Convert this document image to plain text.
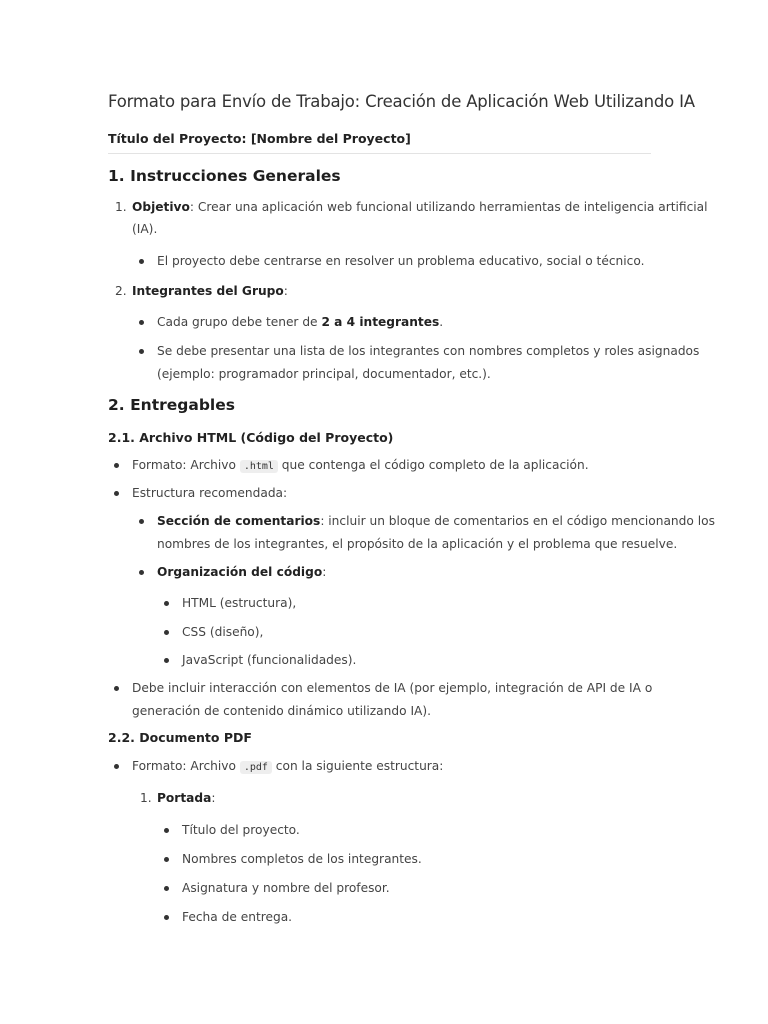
Formato para Envío de Trabajo: Creación de Aplicación Web Utilizando IA
Título del Proyecto: [Nombre del Proyecto]
1. Instrucciones Generales
1. Objetivo: Crear una aplicación web funcional utilizando herramientas de inteligencia artificial
(IA).
El proyecto debe centrarse en resolver un problema educativo, social o técnico.
2. Integrantes del Grupo:
Cada grupo debe tener de 2 a 4 integrantes.
Se debe presentar una lista de los integrantes con nombres completos y roles asignados
(ejemplo: programador principal, documentador, etc.).
2. Entregables
2.1. Archivo HTML (Código del Proyecto)
Formato: Archivo .html que contenga el código completo de la aplicación.
Estructura recomendada:
Sección de comentarios: incluir un bloque de comentarios en el código mencionando los
nombres de los integrantes, el propósito de la aplicación y el problema que resuelve.
Organización del código:
HTML (estructura),
CSS (diseño),
JavaScript (funcionalidades).
Debe incluir interacción con elementos de IA (por ejemplo, integración de API de IA o
generación de contenido dinámico utilizando IA).
2.2. Documento PDF
Formato: Archivo .pdf con la siguiente estructura:
1. Portada:
Título del proyecto.
Nombres completos de los integrantes.
Asignatura y nombre del profesor.
Fecha de entrega.
